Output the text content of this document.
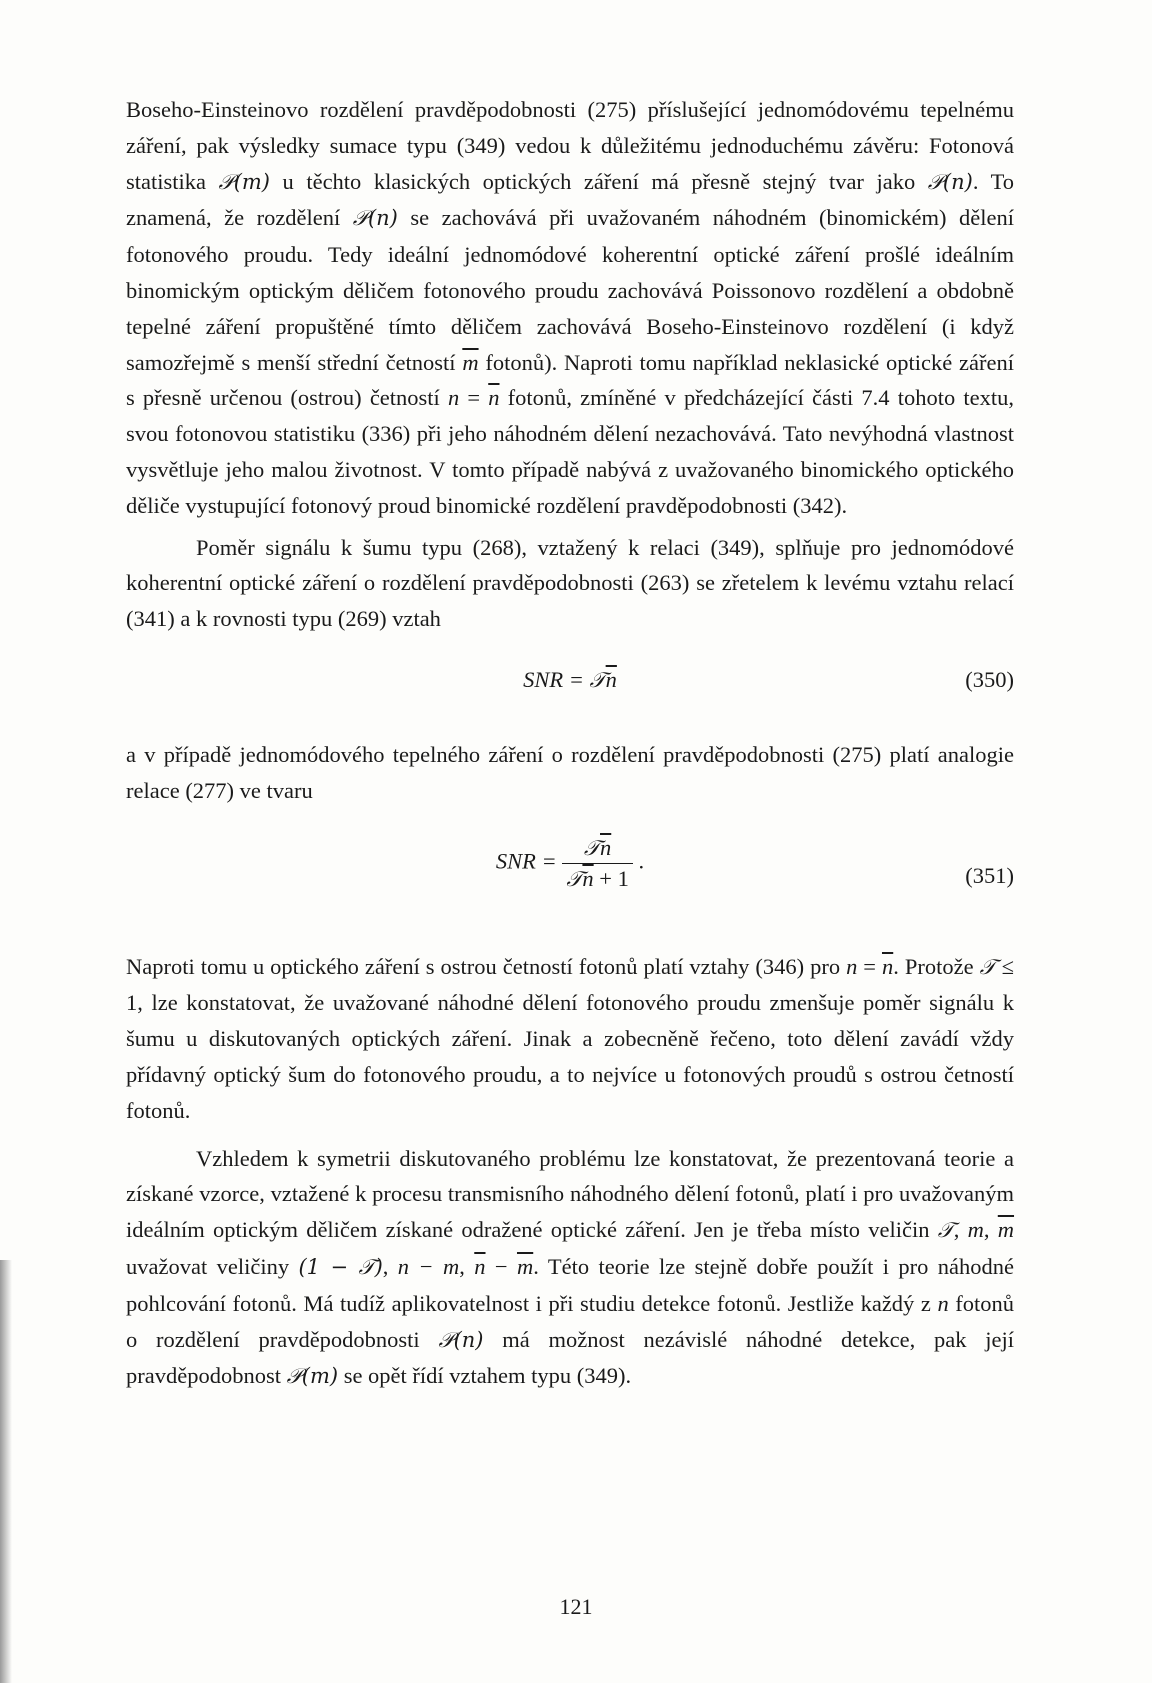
Boseho-Einsteinovo rozdělení pravděpodobnosti (275) příslušející jednomódovému tepelnému záření, pak výsledky sumace typu (349) vedou k důležitému jednoduchému závěru: Fotonová statistika 𝒫(m) u těchto klasických optických záření má přesně stejný tvar jako 𝒫(n). To znamená, že rozdělení 𝒫(n) se zachovává při uvažovaném náhodném (binomickém) dělení fotonového proudu. Tedy ideální jednomódové koherentní optické záření prošlé ideálním binomickým optickým děličem fotonového proudu zachovává Poissonovo rozdělení a obdobně tepelné záření propuštěné tímto děličem zachovává Boseho-Einsteinovo rozdělení (i když samozřejmě s menší střední četností $\overline{m}$ fotonů). Naproti tomu například neklasické optické záření s přesně určenou (ostrou) četností $n = \overline{n}$ fotonů, zmíněné v předcházející části 7.4 tohoto textu, svou fotonovou statistiku (336) při jeho náhodném dělení nezachovává. Tato nevýhodná vlastnost vysvětluje jeho malou životnost. V tomto případě nabývá z uvažovaného binomického optického děliče vystupující fotonový proud binomické rozdělení pravděpodobnosti (342).

Poměr signálu k šumu typu (268), vztažený k relaci (349), splňuje pro jednomódové koherentní optické záření o rozdělení pravděpodobnosti (263) se zřetelem k levému vztahu relací (341) a k rovnosti typu (269) vztah

SNR = $𝒯\overline{n}$	(350)

a v případě jednomódového tepelného záření o rozdělení pravděpodobnosti (275) platí analogie relace (277) ve tvaru

SNR = $\frac{𝒯\overline{n}}{𝒯\overline{n} + 1}$ .
(351)

Naproti tomu u optického záření s ostrou četností fotonů platí vztahy (346) pro $n = \overline{n}$. Protože 𝒯 ≤ 1, lze konstatovat, že uvažované náhodné dělení fotonového proudu zmenšuje poměr signálu k šumu u diskutovaných optických záření. Jinak a zobecněně řečeno, toto dělení zavádí vždy přídavný optický šum do fotonového proudu, a to nejvíce u fotonových proudů s ostrou četností fotonů.

Vzhledem k symetrii diskutovaného problému lze konstatovat, že prezentovaná teorie a získané vzorce, vztažené k procesu transmisního náhodného dělení fotonů, platí i pro uvažovaným ideálním optickým děličem získané odražené optické záření. Jen je třeba místo veličin 𝒯, m, $\overline{m}$ uvažovat veličiny (1 − 𝒯), n − m, $\overline{n} - \overline{m}$. Této teorie lze stejně dobře použít i pro náhodné pohlcování fotonů. Má tudíž aplikovatelnost i při studiu detekce fotonů. Jestliže každý z n fotonů o rozdělení pravděpodobnosti 𝒫(n) má možnost nezávislé náhodné detekce, pak její pravděpodobnost 𝒫(m) se opět řídí vztahem typu (349).

121
